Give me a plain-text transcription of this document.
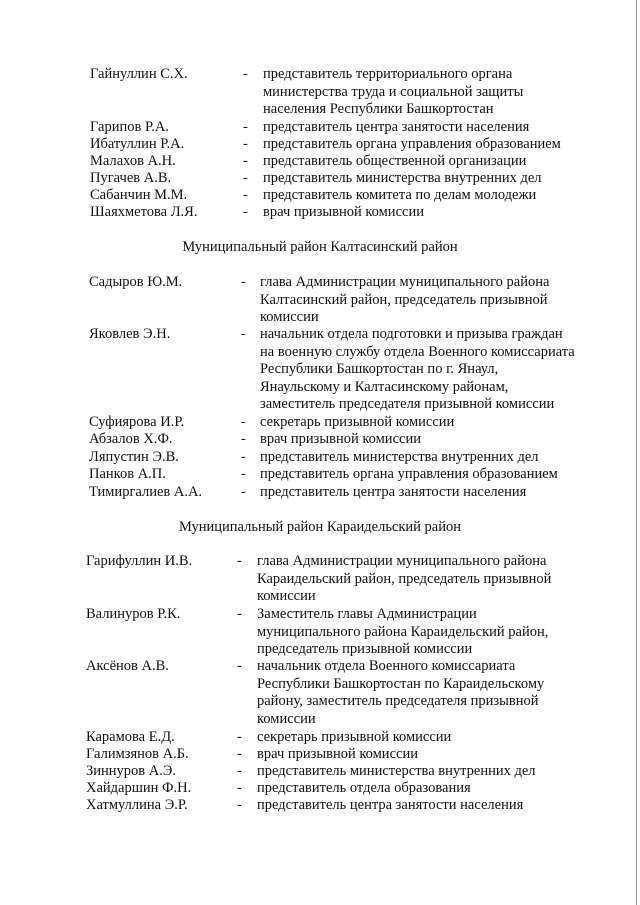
Гайнуллин С.Х.	- представитель территориального органа
министерства труда и социальной защиты
населения Республики Башкортостан
Гарипов Р.А.	- представитель центра занятости населения
Ибатуллин Р.А.	- представитель органа управления образованием
Малахов А.Н.	- представитель общественной организации
Пугачев А.В.	- представитель министерства внутренних дел
Сабанчин М.М.	- представитель комитета по делам молодежи
Шаяхметова Л.Я.	- врач призывной комиссии
Муниципальный район Калтасинский район
Садыров Ю.М.	- глава Администрации муниципального района
Калтасинский район, председатель призывной
комиссии
Яковлев Э.Н.	- начальник отдела подготовки и призыва граждан
на военную службу отдела Военного комиссариата
Республики Башкортостан по г. Янаул,
Янаульскому и Калтасинскому районам,
заместитель председателя призывной комиссии
Суфиярова И.Р.	- секретарь призывной комиссии
Абзалов Х.Ф.	- врач призывной комиссии
Ляпустин Э.В.	- представитель министерства внутренних дел
Панков А.П.	- представитель органа управления образованием
Тимиргалиев А.А.	- представитель центра занятости населения
Муниципальный район Караидельский район
Гарифуллин И.В.	- глава Администрации муниципального района
Караидельский район, председатель призывной
комиссии
Валинуров Р.К.	- Заместитель главы Администрации
муниципального района Караидельский район,
председатель призывной комиссии
Аксёнов А.В.	- начальник отдела Военного комиссариата
Республики Башкортостан по Караидельскому
району, заместитель председателя призывной
комиссии
Карамова Е.Д.	- секретарь призывной комиссии
Галимзянов А.Б.	- врач призывной комиссии
Зиннуров А.Э.	- представитель министерства внутренних дел
Хайдаршин Ф.Н.	- представитель отдела образования
Хатмуллина Э.Р.	- представитель центра занятости населения
